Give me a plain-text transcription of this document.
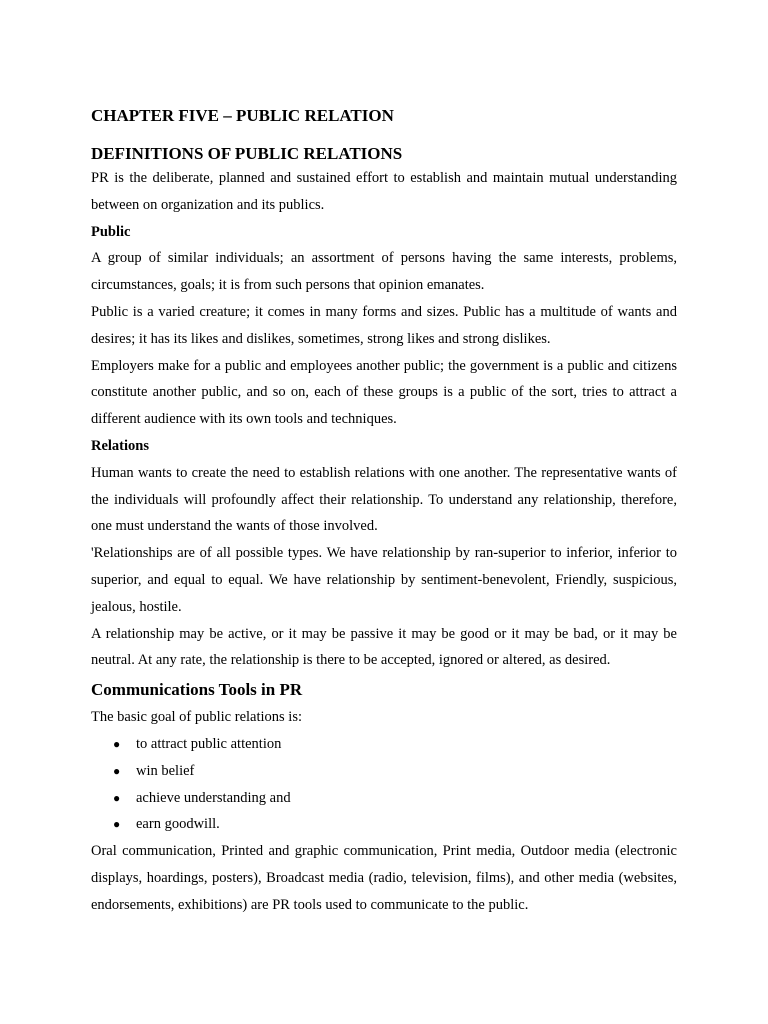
CHAPTER FIVE – PUBLIC RELATION
DEFINITIONS OF PUBLIC RELATIONS

PR is the deliberate, planned and sustained effort to establish and maintain mutual understanding between on organization and its publics.

Public

A group of similar individuals; an assortment of persons having the same interests, problems, circumstances, goals; it is from such persons that opinion emanates.

Public is a varied creature; it comes in many forms and sizes. Public has a multitude of wants and desires; it has its likes and dislikes, sometimes, strong likes and strong dislikes.

Employers make for a public and employees another public; the government is a public and citizens constitute another public, and so on, each of these groups is a public of the sort, tries to attract a different audience with its own tools and techniques.

Relations

Human wants to create the need to establish relations with one another. The representative wants of the individuals will profoundly affect their relationship. To understand any relationship, therefore, one must understand the wants of those involved.

'Relationships are of all possible types. We have relationship by ran-superior to inferior, inferior to superior, and equal to equal. We have relationship by sentiment-benevolent, Friendly, suspicious, jealous, hostile.

A relationship may be active, or it may be passive it may be good or it may be bad, or it may be neutral. At any rate, the relationship is there to be accepted, ignored or altered, as desired.

Communications Tools in PR

The basic goal of public relations is:

● to attract public attention
● win belief
● achieve understanding and
● earn goodwill.

Oral communication, Printed and graphic communication, Print media, Outdoor media (electronic displays, hoardings, posters), Broadcast media (radio, television, films), and other media (websites, endorsements, exhibitions) are PR tools used to communicate to the public.
